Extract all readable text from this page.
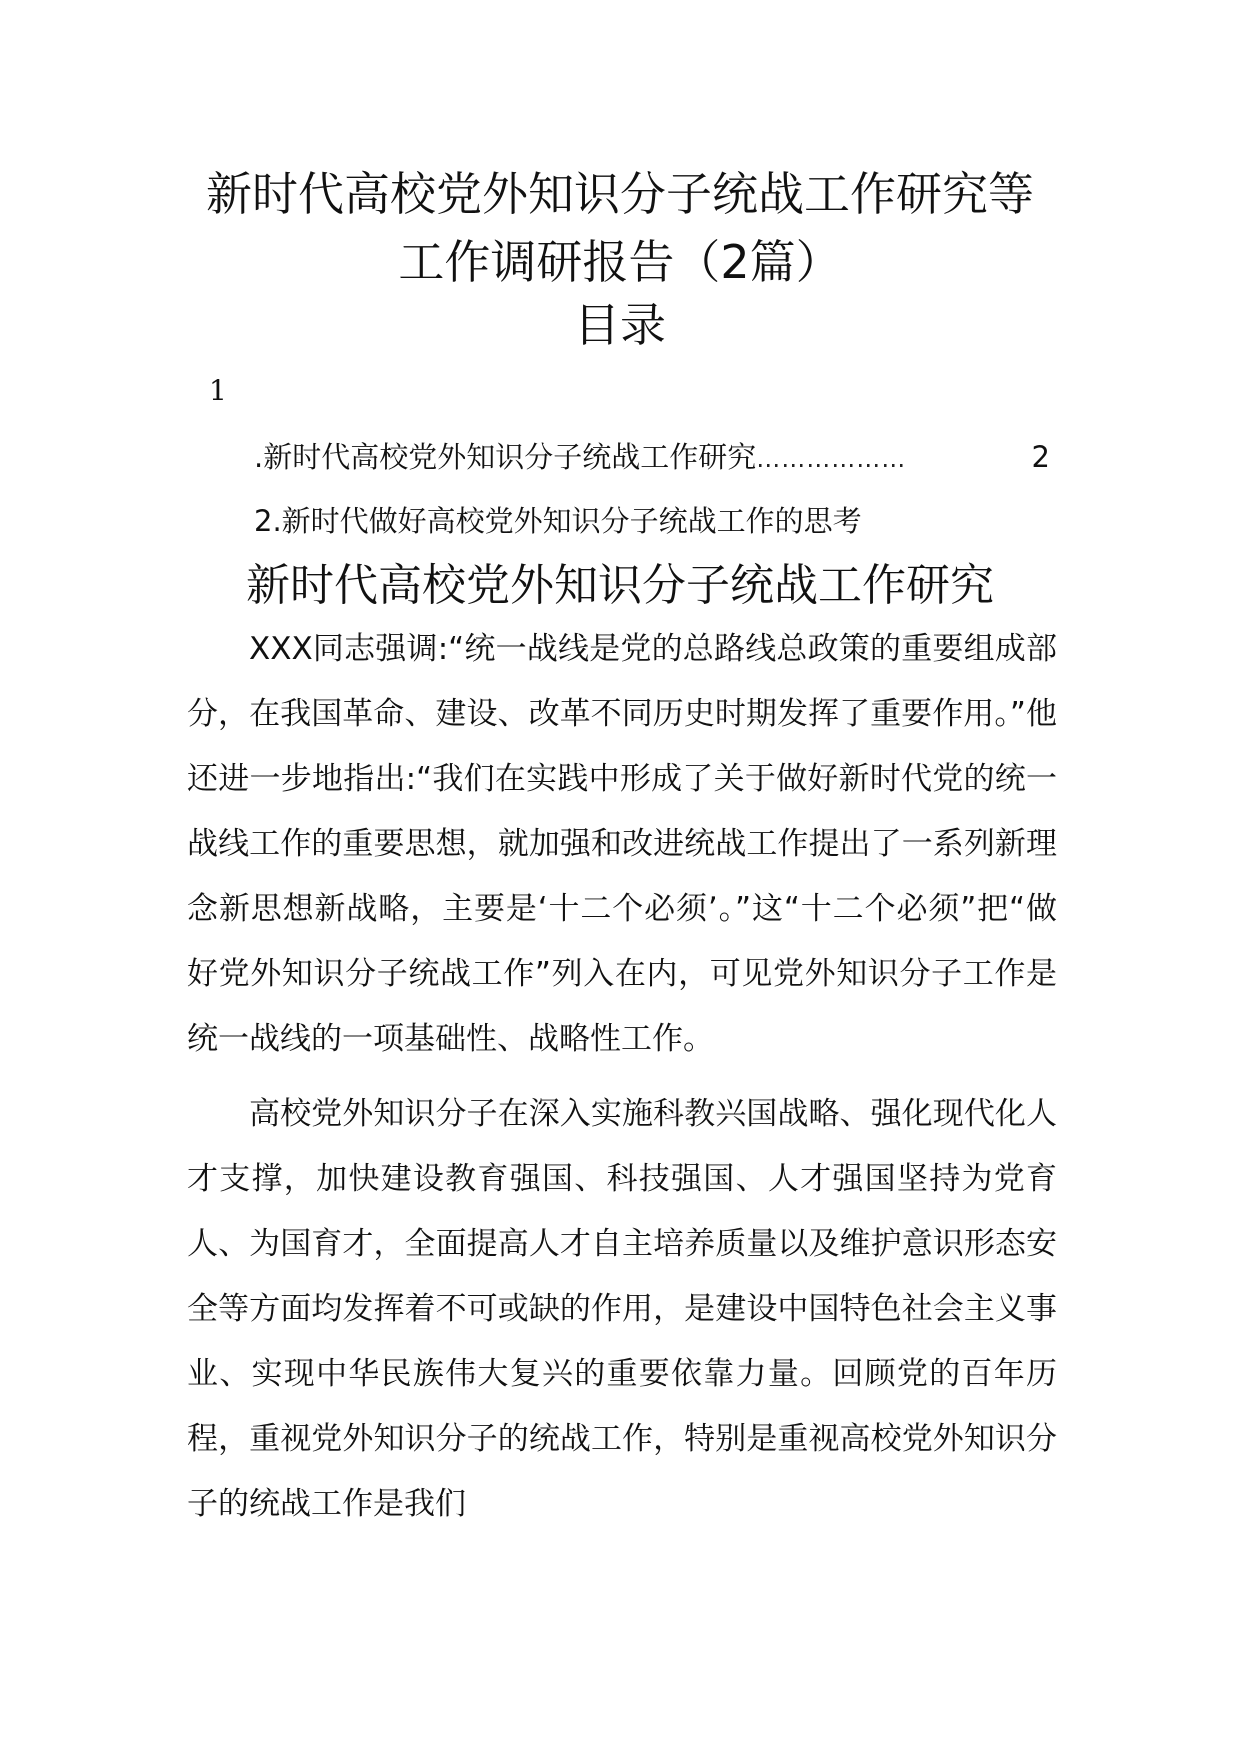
新时代高校党外知识分子统战工作研究等
工作调研报告（2篇）
目录
1
.新时代高校党外知识分子统战工作研究 ………………	2
2.新时代做好高校党外知识分子统战工作的思考
新时代高校党外知识分子统战工作研究

XXX同志强调:“统一战线是党的总路线总政策的重要组成部分，在我国革命、建设、改革不同历史时期发挥了重要作用。”他还进一步地指出:“我们在实践中形成了关于做好新时代党的统一战线工作的重要思想，就加强和改进统战工作提出了一系列新理念新思想新战略，主要是‘十二个必须’。”这“十二个必须”把“做好党外知识分子统战工作”列入在内，可见党外知识分子工作是统一战线的一项基础性、战略性工作。

高校党外知识分子在深入实施科教兴国战略、强化现代化人才支撑，加快建设教育强国、科技强国、人才强国坚持为党育人、为国育才，全面提高人才自主培养质量以及维护意识形态安全等方面均发挥着不可或缺的作用，是建设中国特色社会主义事业、实现中华民族伟大复兴的重要依靠力量。回顾党的百年历程，重视党外知识分子的统战工作，特别是重视高校党外知识分子的统战工作是我们
